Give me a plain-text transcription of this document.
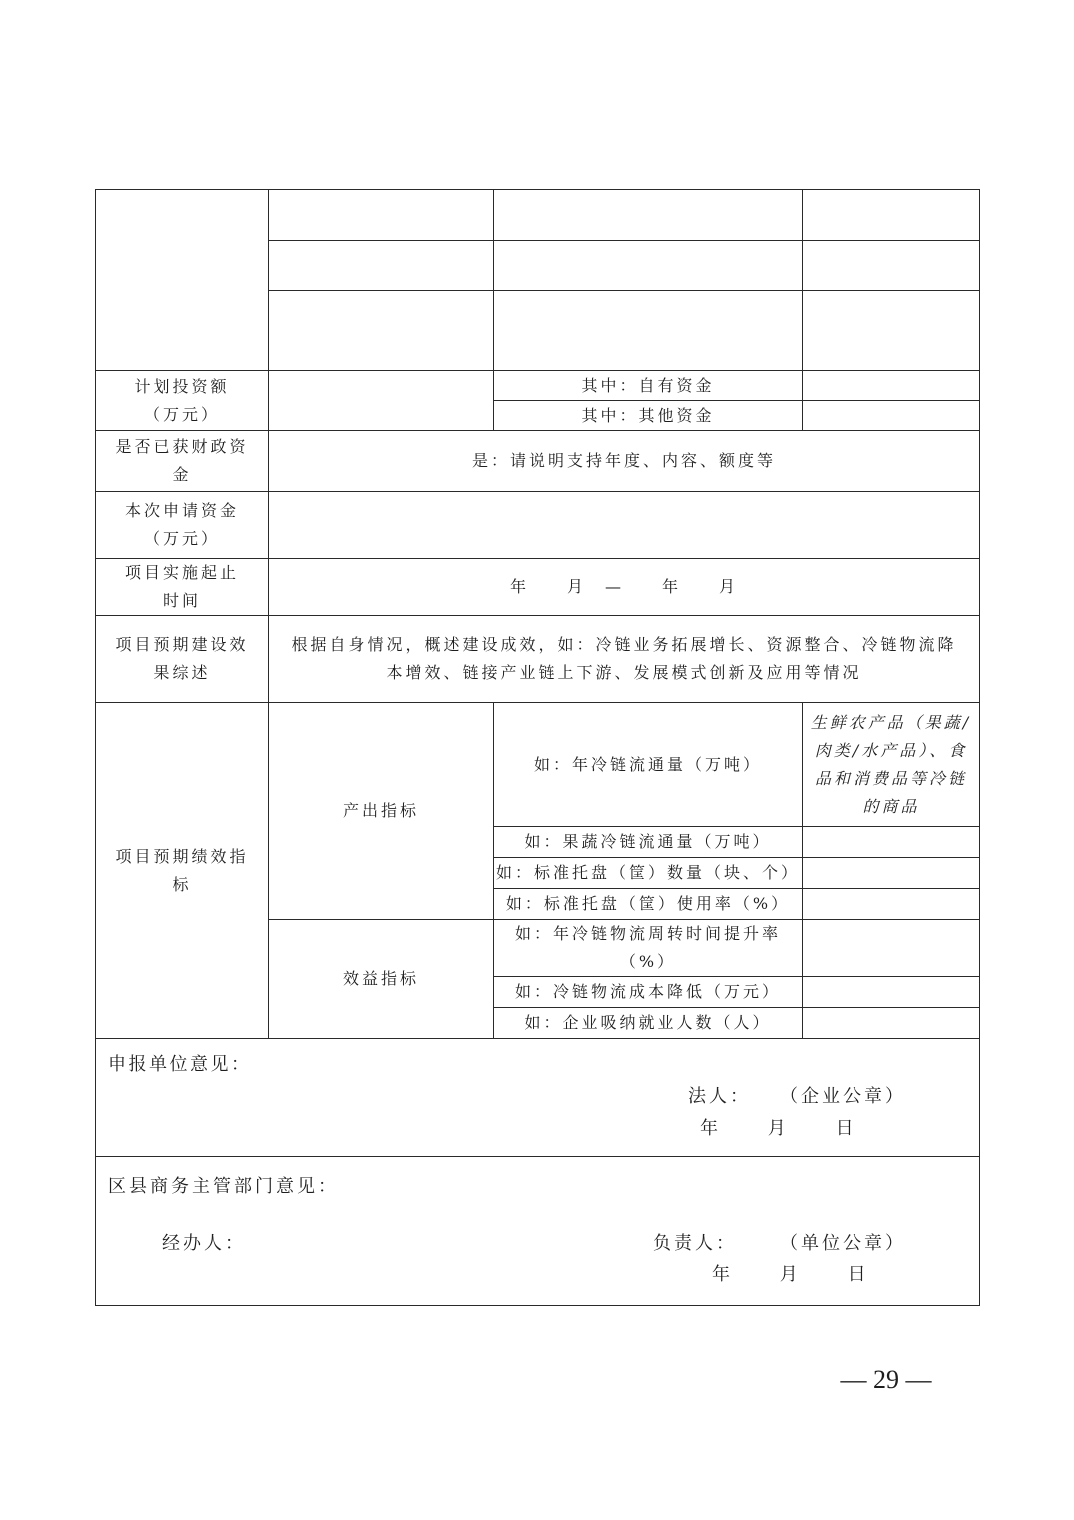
计划投资额
（万元）		其中：自有资金	

		其中：其他资金	

是否已获财政资
金	是：请说明支持年度、内容、额度等		

本次申请资金
（万元）			

项目实施起止
时间	年　　月　—　　年　　月		

项目预期建设效
果综述	根据自身情况，概述建设成效，如：冷链业务拓展增长、资源整合、冷链物流降
本增效、链接产业链上下游、发展模式创新及应用等情况		

项目预期绩效指
标	产出指标	如：年冷链流通量（万吨）	生鲜农产品（果蔬/
肉类/水产品）、食
品和消费品等冷链
的商品

		如：果蔬冷链流通量（万吨）	

		如：标准托盘（筐）数量（块、个）	

		如：标准托盘（筐）使用率（%）	

	效益指标	如：年冷链物流周转时间提升率
（%）	

		如：冷链物流成本降低（万元）	

		如：企业吸纳就业人数（人）	

申报单位意见：
法人： （企业公章）
年　　月　　日			

区县商务主管部门意见：
经办人： 负责人： （单位公章）
年　　月　　日			
— 29 —
